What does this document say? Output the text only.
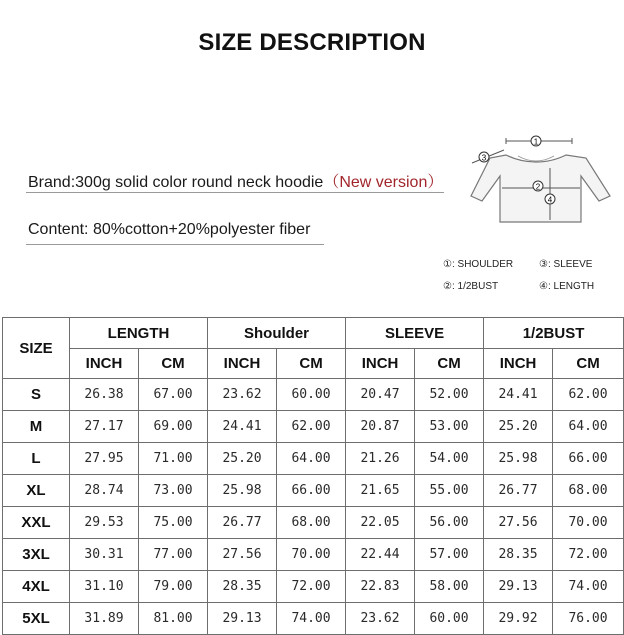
SIZE DESCRIPTION
Brand:300g solid color round neck hoodie（New version）
Content: 80%cotton+20%polyester fiber
1
3
2
4
①: SHOULDER	③: SLEEVE
②: 1/2BUST	④: LENGTH
SIZE	LENGTH		Shoulder		SLEEVE		1/2BUST	
	INCH	CM	INCH	CM	INCH	CM	INCH	CM
S	26.38	67.00	23.62	60.00	20.47	52.00	24.41	62.00
M	27.17	69.00	24.41	62.00	20.87	53.00	25.20	64.00
L	27.95	71.00	25.20	64.00	21.26	54.00	25.98	66.00
XL	28.74	73.00	25.98	66.00	21.65	55.00	26.77	68.00
XXL	29.53	75.00	26.77	68.00	22.05	56.00	27.56	70.00
3XL	30.31	77.00	27.56	70.00	22.44	57.00	28.35	72.00
4XL	31.10	79.00	28.35	72.00	22.83	58.00	29.13	74.00
5XL	31.89	81.00	29.13	74.00	23.62	60.00	29.92	76.00
